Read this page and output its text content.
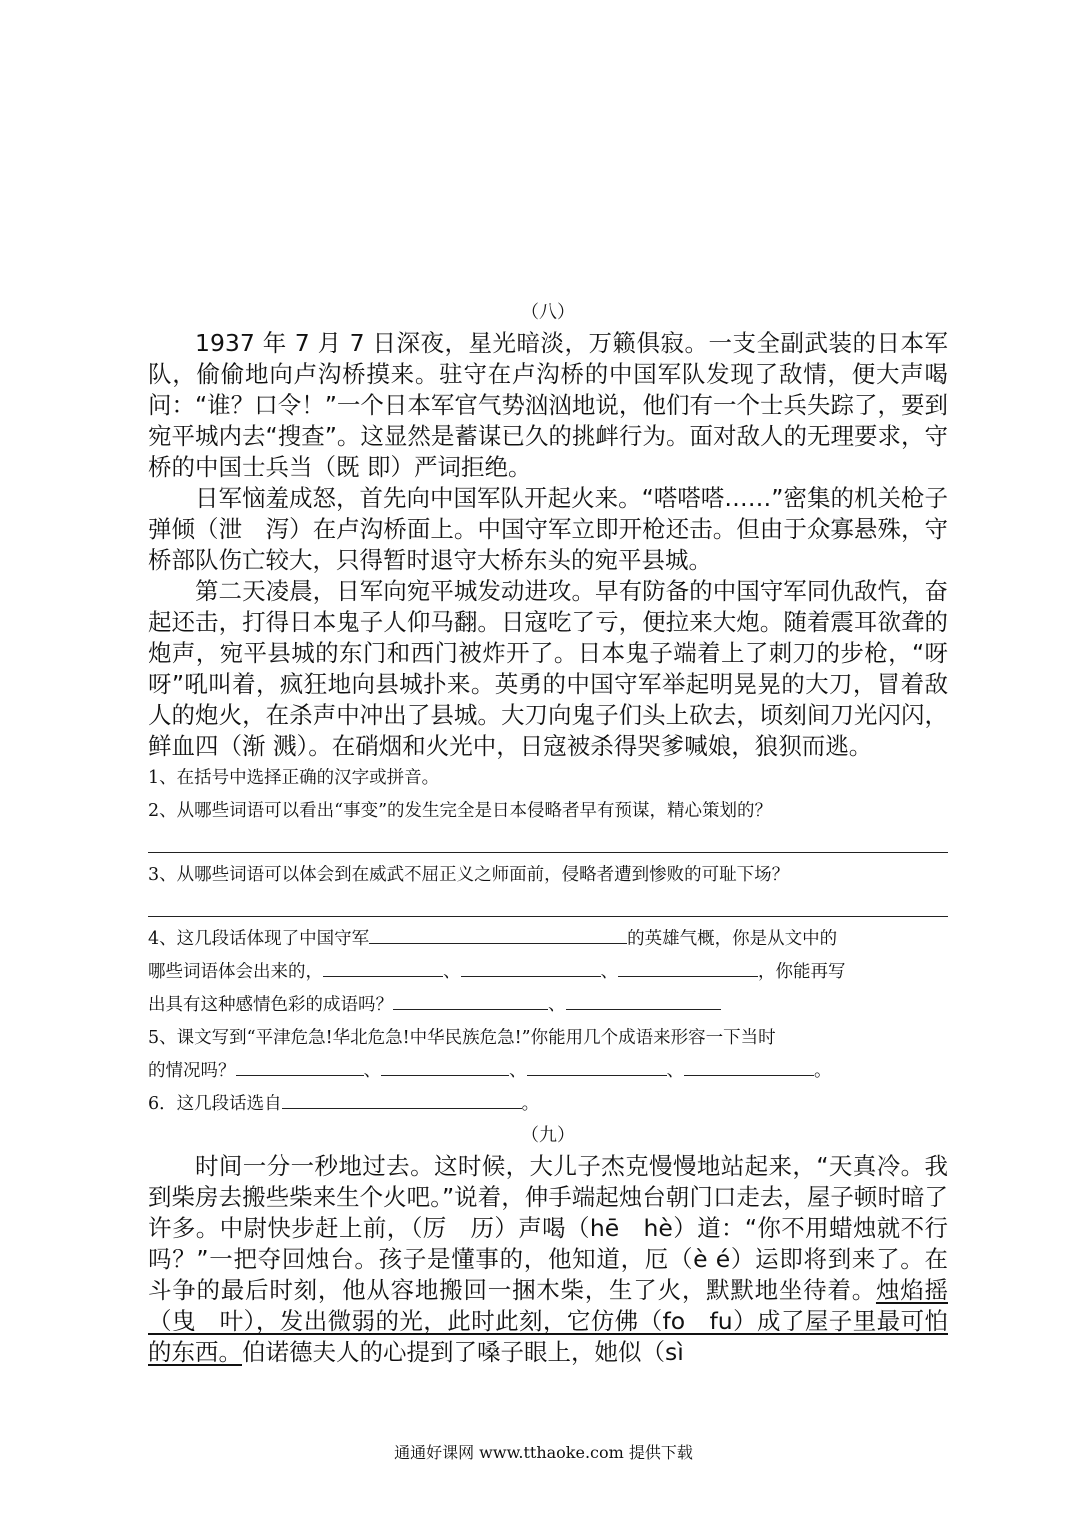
（八）

1937 年 7 月 7 日深夜，星光暗淡，万籁俱寂。一支全副武装的日本军队，偷偷地向卢沟桥摸来。驻守在卢沟桥的中国军队发现了敌情，便大声喝问：“谁？口令！”一个日本军官气势汹汹地说，他们有一个士兵失踪了，要到宛平城内去“搜查”。这显然是蓄谋已久的挑衅行为。面对敌人的无理要求，守桥的中国士兵当（既 即）严词拒绝。

日军恼羞成怒，首先向中国军队开起火来。“嗒嗒嗒……”密集的机关枪子弹倾（泄　泻）在卢沟桥面上。中国守军立即开枪还击。但由于众寡悬殊，守桥部队伤亡较大，只得暂时退守大桥东头的宛平县城。

第二天凌晨，日军向宛平城发动进攻。早有防备的中国守军同仇敌忾，奋起还击，打得日本鬼子人仰马翻。日寇吃了亏，便拉来大炮。随着震耳欲聋的炮声，宛平县城的东门和西门被炸开了。日本鬼子端着上了刺刀的步枪，“呀呀”吼叫着，疯狂地向县城扑来。英勇的中国守军举起明晃晃的大刀，冒着敌人的炮火，在杀声中冲出了县城。大刀向鬼子们头上砍去，顷刻间刀光闪闪，鲜血四（渐 溅）。在硝烟和火光中，日寇被杀得哭爹喊娘，狼狈而逃。

1、在括号中选择正确的汉字或拼音。

2、从哪些词语可以看出“事变”的发生完全是日本侵略者早有预谋，精心策划的？

3、从哪些词语可以体会到在威武不屈正义之师面前，侵略者遭到惨败的可耻下场？

4、这几段话体现了中国守军	的英雄气概，你是从文中的

哪些词语体会出来的，	、	、	，你能再写

出具有这种感情色彩的成语吗？	、

5、课文写到“平津危急!华北危急!中华民族危急!”你能用几个成语来形容一下当时

的情况吗？	、	、	、	。

6．这几段话选自	。

（九）

时间一分一秒地过去。这时候，大儿子杰克慢慢地站起来，“天真冷。我到柴房去搬些柴来生个火吧。”说着，伸手端起烛台朝门口走去，屋子顿时暗了许多。中尉快步赶上前，（厉　历）声喝（hē　hè）道：“你不用蜡烛就不行吗？”一把夺回烛台。孩子是懂事的，他知道，厄（è é）运即将到来了。在斗争的最后时刻，他从容地搬回一捆木柴，生了火，默默地坐待着。烛焰摇（曳　叶），发出微弱的光，此时此刻，它仿佛（fo　fu）成了屋子里最可怕的东西。伯诺德夫人的心提到了嗓子眼上，她似（sì

通通好课网 www.tthaoke.com 提供下载
